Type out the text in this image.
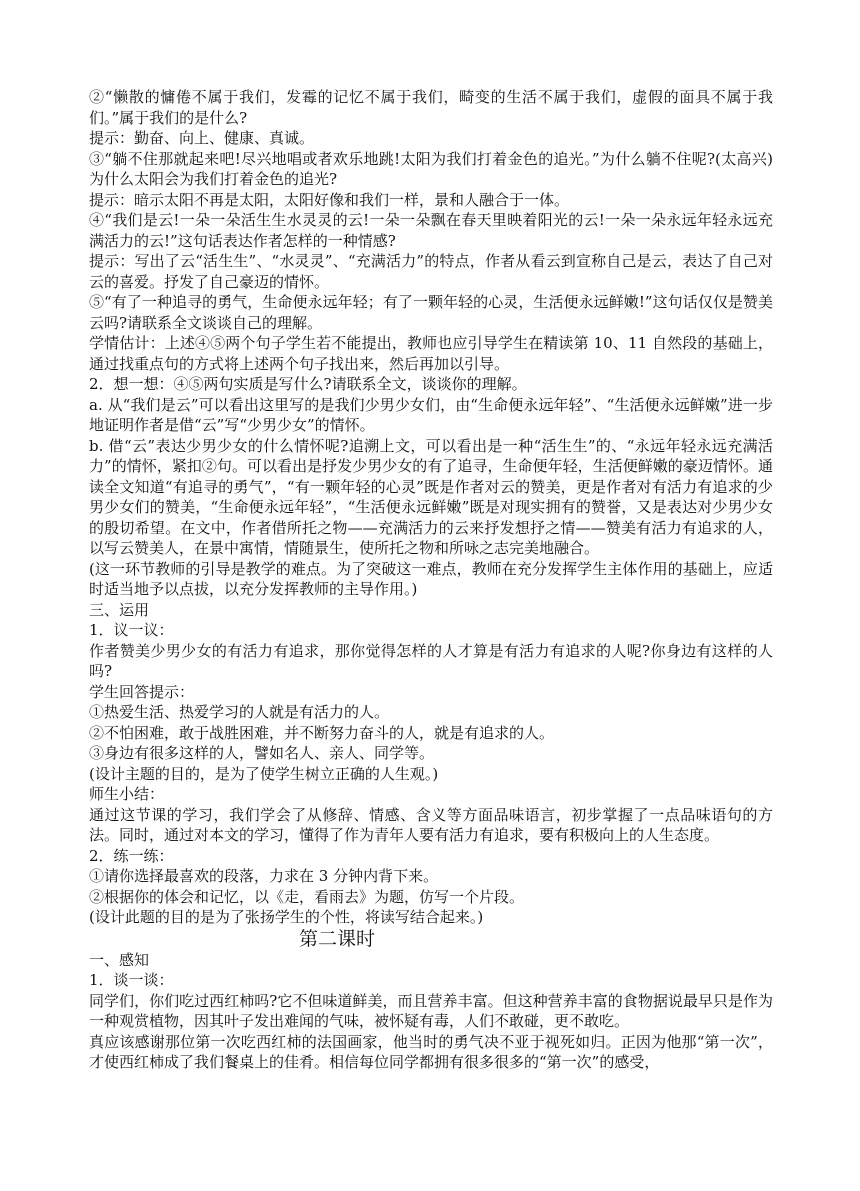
②“懒散的慵倦不属于我们，发霉的记忆不属于我们，畸变的生活不属于我们，虚假的面具不属于我们。”属于我们的是什么?

提示：勤奋、向上、健康、真诚。

③“躺不住那就起来吧!尽兴地唱或者欢乐地跳!太阳为我们打着金色的追光。”为什么躺不住呢?(太高兴)为什么太阳会为我们打着金色的追光?

提示：暗示太阳不再是太阳，太阳好像和我们一样，景和人融合于一体。

④“我们是云!一朵一朵活生生水灵灵的云!一朵一朵飘在春天里映着阳光的云!一朵一朵永远年轻永远充满活力的云!”这句话表达作者怎样的一种情感?

提示：写出了云“活生生”、“水灵灵”、“充满活力”的特点，作者从看云到宣称自己是云，表达了自己对云的喜爱。抒发了自己豪迈的情怀。

⑤“有了一种追寻的勇气，生命便永远年轻；有了一颗年轻的心灵，生活便永远鲜嫩!”这句话仅仅是赞美云吗?请联系全文谈谈自己的理解。

学情估计：上述④⑤两个句子学生若不能提出，教师也应引导学生在精读第 10、11 自然段的基础上，通过找重点句的方式将上述两个句子找出来，然后再加以引导。

2．想一想：④⑤两句实质是写什么?请联系全文，谈谈你的理解。

a. 从“我们是云”可以看出这里写的是我们少男少女们，由“生命便永远年轻”、“生活便永远鲜嫩”进一步地证明作者是借“云”写“少男少女”的情怀。

b. 借“云”表达少男少女的什么情怀呢?追溯上文，可以看出是一种“活生生”的、“永远年轻永远充满活力”的情怀，紧扣②句。可以看出是抒发少男少女的有了追寻，生命便年轻，生活便鲜嫩的豪迈情怀。通读全文知道“有追寻的勇气”，“有一颗年轻的心灵”既是作者对云的赞美，更是作者对有活力有追求的少男少女们的赞美，“生命便永远年轻”，“生活便永远鲜嫩”既是对现实拥有的赞誉，又是表达对少男少女的殷切希望。在文中，作者借所托之物——充满活力的云来抒发想抒之情——赞美有活力有追求的人，以写云赞美人，在景中寓情，情随景生，使所托之物和所咏之志完美地融合。

(这一环节教师的引导是教学的难点。为了突破这一难点，教师在充分发挥学生主体作用的基础上，应适时适当地予以点拔，以充分发挥教师的主导作用。)

三、运用

1．议一议：

作者赞美少男少女的有活力有追求，那你觉得怎样的人才算是有活力有追求的人呢?你身边有这样的人吗?

学生回答提示：

①热爱生活、热爱学习的人就是有活力的人。

②不怕困难，敢于战胜困难，并不断努力奋斗的人，就是有追求的人。

③身边有很多这样的人，譬如名人、亲人、同学等。

(设计主题的目的，是为了使学生树立正确的人生观。)

师生小结：

通过这节课的学习，我们学会了从修辞、情感、含义等方面品味语言，初步掌握了一点品味语句的方法。同时，通过对本文的学习，懂得了作为青年人要有活力有追求，要有积极向上的人生态度。

2．练一练：

①请你选择最喜欢的段落，力求在 3 分钟内背下来。

②根据你的体会和记忆，以《走，看雨去》为题，仿写一个片段。

(设计此题的目的是为了张扬学生的个性，将读写结合起来。)

第二课时

一、感知

1．谈一谈：

同学们，你们吃过西红柿吗?它不但味道鲜美，而且营养丰富。但这种营养丰富的食物据说最早只是作为一种观赏植物，因其叶子发出难闻的气味，被怀疑有毒，人们不敢碰，更不敢吃。

真应该感谢那位第一次吃西红柿的法国画家，他当时的勇气决不亚于视死如归。正因为他那“第一次”，才使西红柿成了我们餐桌上的佳肴。相信每位同学都拥有很多很多的“第一次”的感受，
